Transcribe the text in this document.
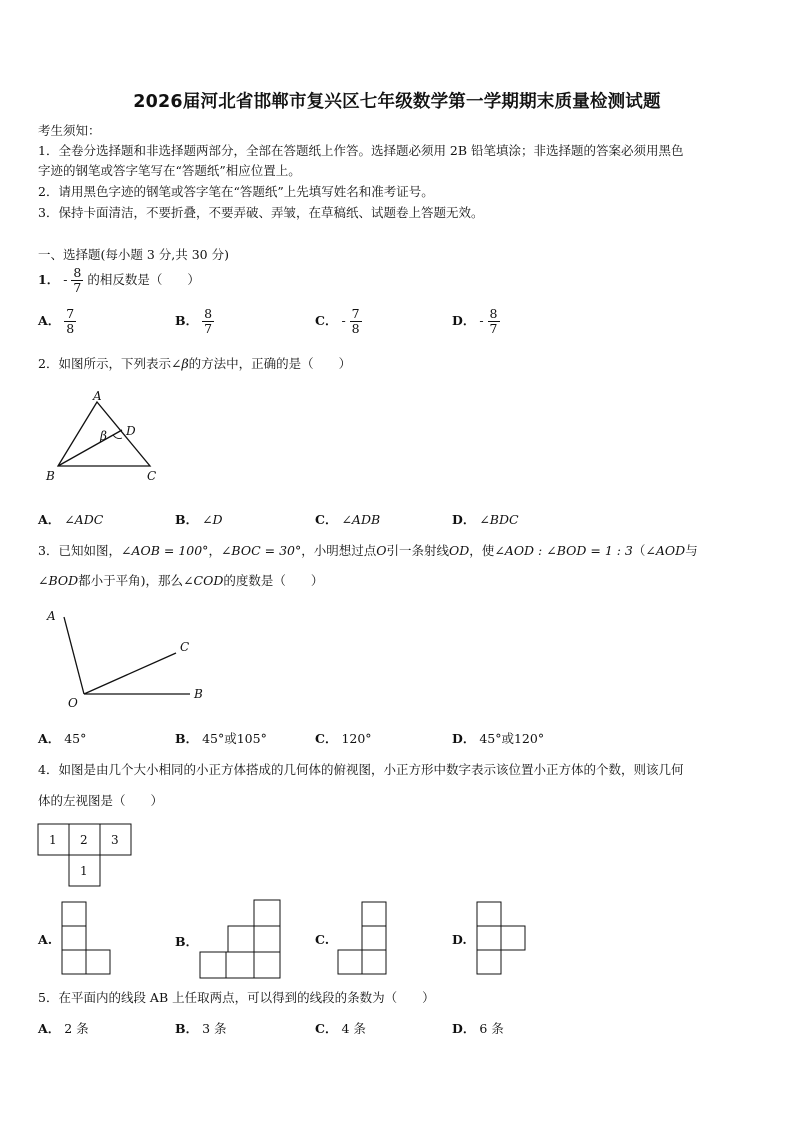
2026届河北省邯郸市复兴区七年级数学第一学期期末质量检测试题
考生须知：
1．全卷分选择题和非选择题两部分，全部在答题纸上作答。选择题必须用 2B 铅笔填涂；非选择题的答案必须用黑色
字迹的钢笔或答字笔写在“答题纸”相应位置上。
2．请用黑色字迹的钢笔或答字笔在“答题纸”上先填写姓名和准考证号。
3．保持卡面清洁，不要折叠，不要弄破、弄皱，在草稿纸、试题卷上答题无效。
一、选择题(每小题 3 分,共 30 分)
1． - $\frac{8}{7}$ 的相反数是（　　）
A． $\frac{7}{8}$	B． $\frac{8}{7}$	C． - $\frac{7}{8}$	D． - $\frac{8}{7}$
2．如图所示，下列表示∠β的方法中，正确的是（　　）
A
D
β
B	C
A． ∠ADC	B． ∠D	C． ∠ADB	D． ∠BDC
3．已知如图，∠AOB = 100°，∠BOC = 30°，小明想过点O引一条射线OD，使∠AOD : ∠BOD = 1 : 3（∠AOD与
∠BOD都小于平角)，那么∠COD的度数是（　　）
A
C
B
O
A． 45°	B． 45°或105°	C． 120°	D． 45°或120°
4．如图是由几个大小相同的小正方体搭成的几何体的俯视图，小正方形中数字表示该位置小正方体的个数，则该几何
体的左视图是（　　）
1 2 3
1
A.	B．	C.	D.
5．在平面内的线段 AB 上任取两点，可以得到的线段的条数为（　　）
A． 2 条	B． 3 条	C． 4 条	D． 6 条
